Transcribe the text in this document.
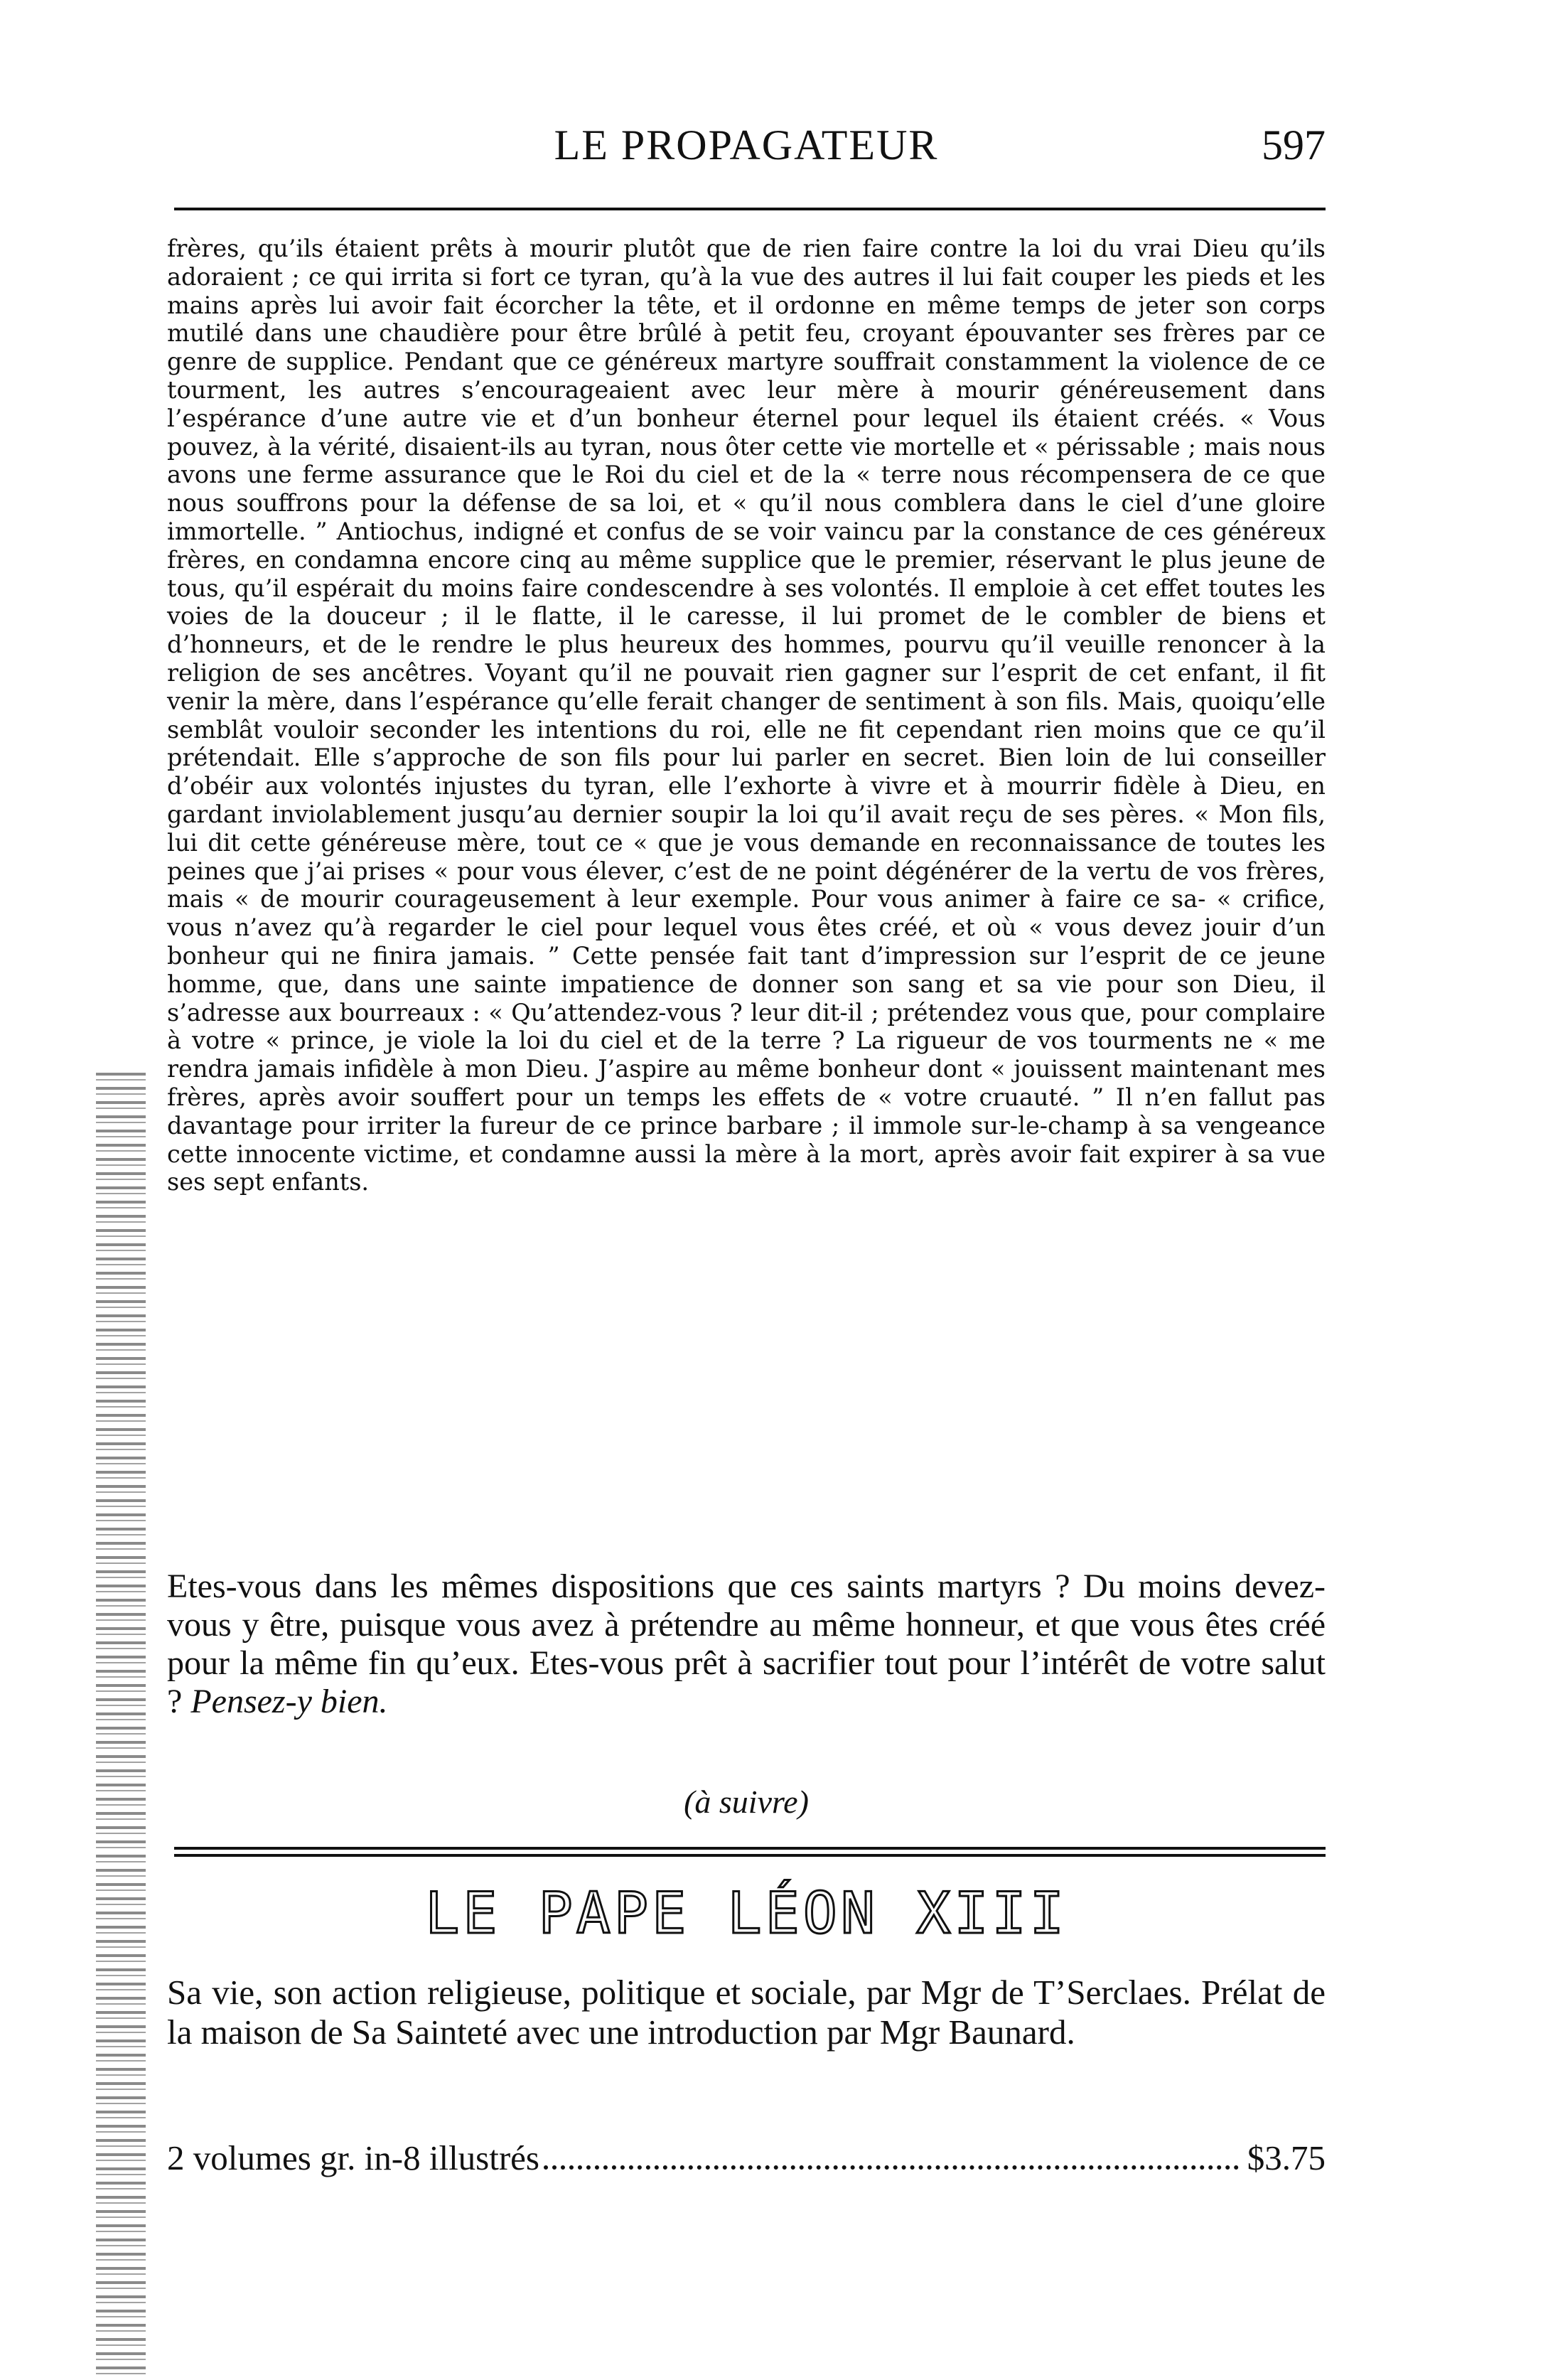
LE PROPAGATEUR	597

frères, qu’ils étaient prêts à mourir plutôt que de rien faire contre la loi du vrai Dieu qu’ils adoraient ; ce qui irrita si fort ce tyran, qu’à la vue des autres il lui fait couper les pieds et les mains après lui avoir fait écorcher la tête, et il ordonne en même temps de jeter son corps mutilé dans une chaudière pour être brûlé à petit feu, croyant épouvanter ses frères par ce genre de supplice. Pendant que ce généreux martyre souffrait constamment la violence de ce tourment, les autres s’encourageaient avec leur mère à mourir généreusement dans l’espérance d’une autre vie et d’un bonheur éternel pour lequel ils étaient créés. « Vous pouvez, à la vérité, disaient-ils au tyran, nous ôter cette vie mortelle et « périssable ; mais nous avons une ferme assurance que le Roi du ciel et de la « terre nous récompensera de ce que nous souffrons pour la défense de sa loi, et « qu’il nous comblera dans le ciel d’une gloire immortelle. ” Antiochus, indigné et confus de se voir vaincu par la constance de ces généreux frères, en condamna encore cinq au même supplice que le premier, réservant le plus jeune de tous, qu’il espérait du moins faire condescendre à ses volontés. Il emploie à cet effet toutes les voies de la douceur ; il le flatte, il le caresse, il lui promet de le combler de biens et d’honneurs, et de le rendre le plus heureux des hommes, pourvu qu’il veuille renoncer à la religion de ses ancêtres. Voyant qu’il ne pouvait rien gagner sur l’esprit de cet enfant, il fit venir la mère, dans l’espérance qu’elle ferait changer de sentiment à son fils. Mais, quoiqu’elle semblât vouloir seconder les intentions du roi, elle ne fit cependant rien moins que ce qu’il prétendait. Elle s’approche de son fils pour lui parler en secret. Bien loin de lui conseiller d’obéir aux volontés injustes du tyran, elle l’exhorte à vivre et à mourrir fidèle à Dieu, en gardant inviolablement jusqu’au dernier soupir la loi qu’il avait reçu de ses pères. « Mon fils, lui dit cette généreuse mère, tout ce « que je vous demande en reconnaissance de toutes les peines que j’ai prises « pour vous élever, c’est de ne point dégénérer de la vertu de vos frères, mais « de mourir courageusement à leur exemple. Pour vous animer à faire ce sa- « crifice, vous n’avez qu’à regarder le ciel pour lequel vous êtes créé, et où « vous devez jouir d’un bonheur qui ne finira jamais. ” Cette pensée fait tant d’impression sur l’esprit de ce jeune homme, que, dans une sainte impatience de donner son sang et sa vie pour son Dieu, il s’adresse aux bourreaux : « Qu’attendez-vous ? leur dit-il ; prétendez vous que, pour complaire à votre « prince, je viole la loi du ciel et de la terre ? La rigueur de vos tourments ne « me rendra jamais infidèle à mon Dieu. J’aspire au même bonheur dont « jouissent maintenant mes frères, après avoir souffert pour un temps les effets de « votre cruauté. ” Il n’en fallut pas davantage pour irriter la fureur de ce prince barbare ; il immole sur-le-champ à sa vengeance cette innocente victime, et condamne aussi la mère à la mort, après avoir fait expirer à sa vue ses sept enfants.

Etes-vous dans les mêmes dispositions que ces saints martyrs ? Du moins devez-vous y être, puisque vous avez à prétendre au même honneur, et que vous êtes créé pour la même fin qu’eux. Etes-vous prêt à sacrifier tout pour l’intérêt de votre salut ? Pensez-y bien.

(à suivre)
LE PAPE LÉON XIII

Sa vie, son action religieuse, politique et sociale, par Mgr de T’Serclaes. Prélat de la maison de Sa Sainteté avec une introduction par Mgr Baunard.

2 volumes gr. in-8 illustrés	$3.75
